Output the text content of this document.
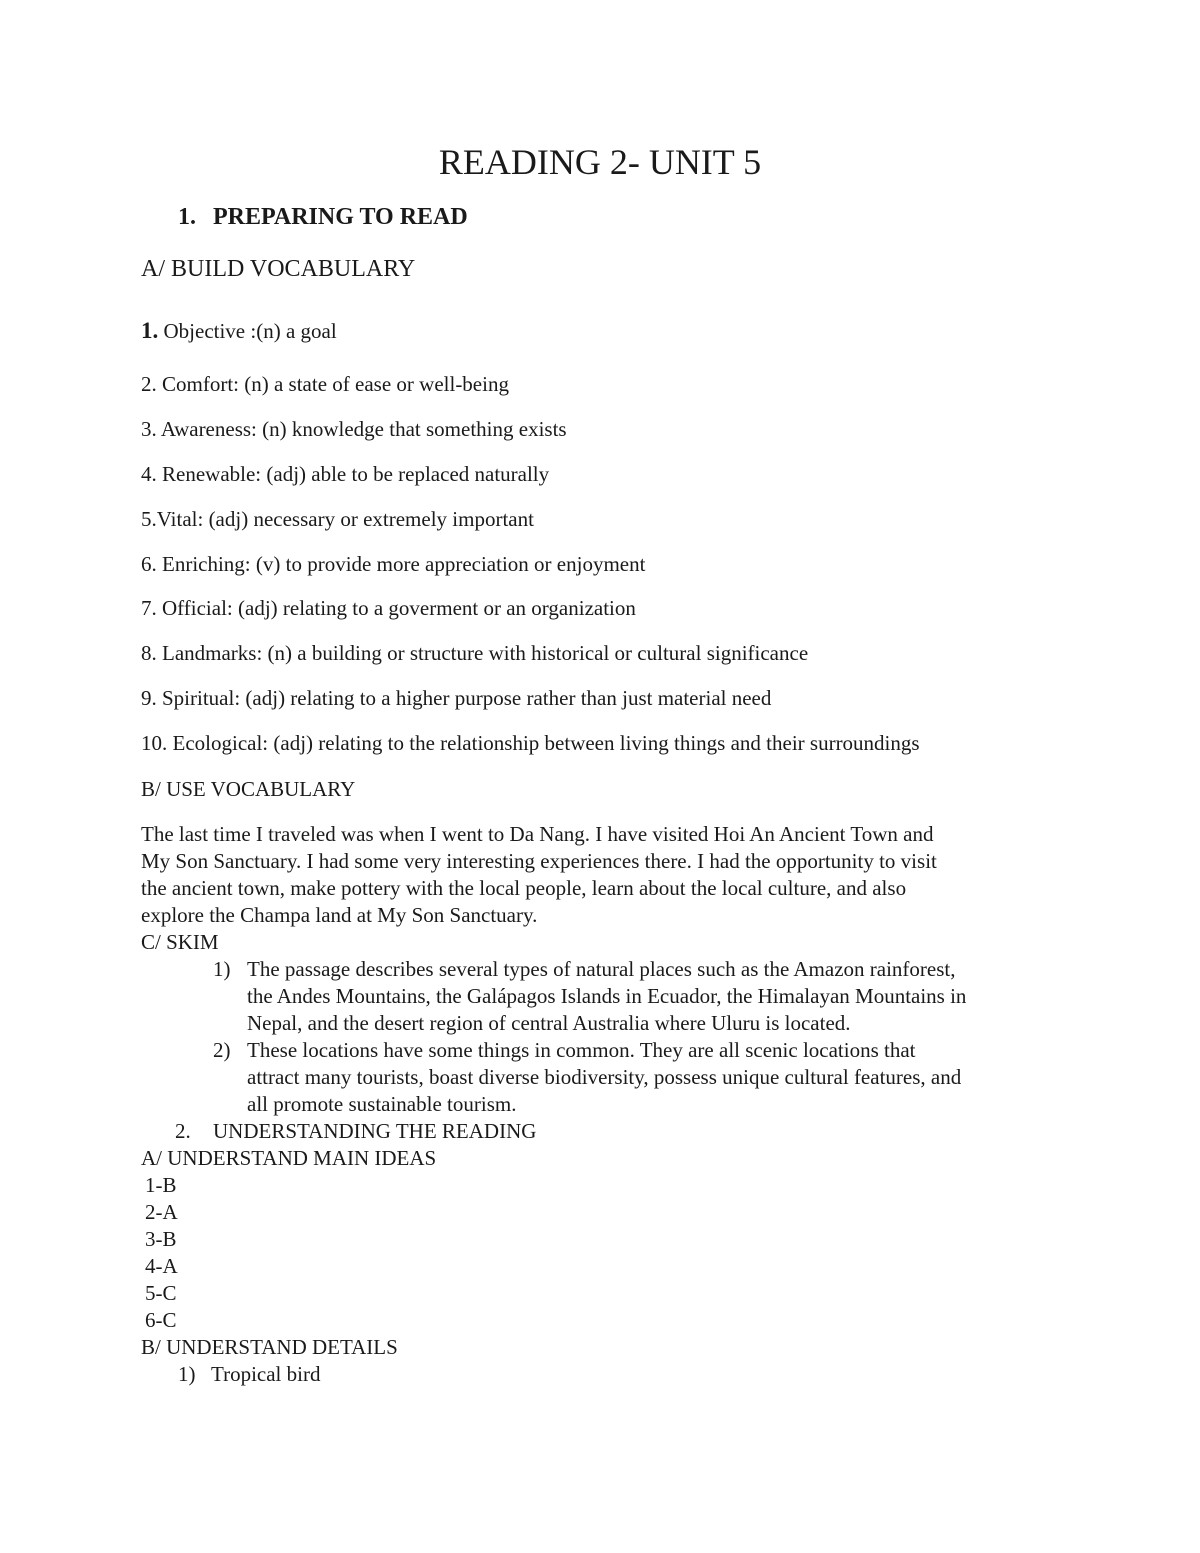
READING 2- UNIT 5
1. PREPARING TO READ
A/ BUILD VOCABULARY
1. Objective :(n) a goal
2. Comfort: (n) a state of ease or well-being
3. Awareness: (n) knowledge that something exists
4. Renewable: (adj) able to be replaced naturally
5.Vital: (adj) necessary or extremely important
6. Enriching: (v) to provide more appreciation or enjoyment
7. Official: (adj) relating to a goverment or an organization
8. Landmarks: (n) a building or structure with historical or cultural significance
9. Spiritual: (adj) relating to a higher purpose rather than just material need
10. Ecological: (adj) relating to the relationship between living things and their surroundings
B/ USE VOCABULARY
The last time I traveled was when I went to Da Nang. I have visited Hoi An Ancient Town and
My Son Sanctuary. I had some very interesting experiences there. I had the opportunity to visit
the ancient town, make pottery with the local people, learn about the local culture, and also
explore the Champa land at My Son Sanctuary.
C/ SKIM
1) The passage describes several types of natural places such as the Amazon rainforest,
the Andes Mountains, the Galápagos Islands in Ecuador, the Himalayan Mountains in
Nepal, and the desert region of central Australia where Uluru is located.
2) These locations have some things in common. They are all scenic locations that
attract many tourists, boast diverse biodiversity, possess unique cultural features, and
all promote sustainable tourism.
2. UNDERSTANDING THE READING
A/ UNDERSTAND MAIN IDEAS
1-B
2-A
3-B
4-A
5-C
6-C
B/ UNDERSTAND DETAILS
1) Tropical bird
